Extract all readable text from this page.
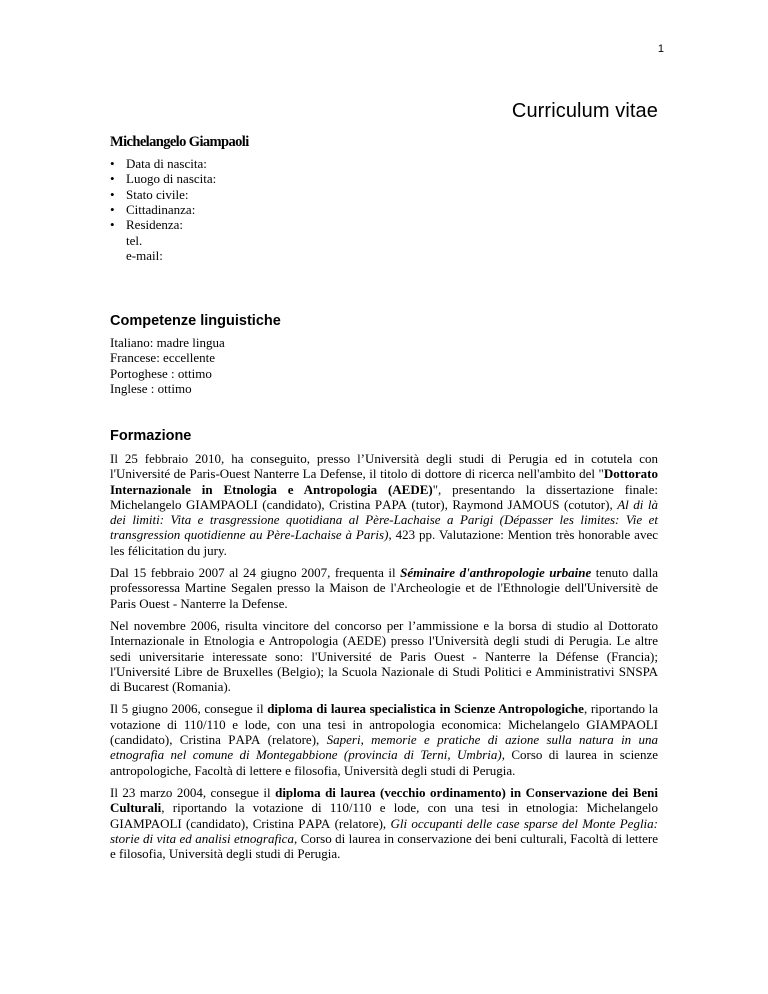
1
Curriculum vitae
Michelangelo Giampaoli
• Data di nascita:
• Luogo di nascita:
• Stato civile:
• Cittadinanza:
• Residenza:
tel.
e-mail:
Competenze linguistiche
Italiano: madre lingua
Francese: eccellente
Portoghese : ottimo
Inglese : ottimo
Formazione

Il 25 febbraio 2010, ha conseguito, presso l’Università degli studi di Perugia ed in cotutela con l'Université de Paris-Ouest Nanterre La Defense, il titolo di dottore di ricerca nell'ambito del "Dottorato Internazionale in Etnologia e Antropologia (AEDE)", presentando la dissertazione finale: Michelangelo GIAMPAOLI (candidato), Cristina PAPA (tutor), Raymond JAMOUS (cotutor), Al di là dei limiti: Vita e trasgressione quotidiana al Père-Lachaise a Parigi (Dépasser les limites: Vie et transgression quotidienne au Père-Lachaise à Paris), 423 pp. Valutazione: Mention très honorable avec les félicitation du jury.

Dal 15 febbraio 2007 al 24 giugno 2007, frequenta il Séminaire d'anthropologie urbaine tenuto dalla professoressa Martine Segalen presso la Maison de l'Archeologie et de l'Ethnologie dell'Universitè de Paris Ouest - Nanterre la Defense.

Nel novembre 2006, risulta vincitore del concorso per l’ammissione e la borsa di studio al Dottorato Internazionale in Etnologia e Antropologia (AEDE) presso l'Università degli studi di Perugia. Le altre sedi universitarie interessate sono: l'Université de Paris Ouest - Nanterre la Défense (Francia); l'Université Libre de Bruxelles (Belgio); la Scuola Nazionale di Studi Politici e Amministrativi SNSPA di Bucarest (Romania).

Il 5 giugno 2006, consegue il diploma di laurea specialistica in Scienze Antropologiche, riportando la votazione di 110/110 e lode, con una tesi in antropologia economica: Michelangelo GIAMPAOLI (candidato), Cristina PAPA (relatore), Saperi, memorie e pratiche di azione sulla natura in una etnografia nel comune di Montegabbione (provincia di Terni, Umbria), Corso di laurea in scienze antropologiche, Facoltà di lettere e filosofia, Università degli studi di Perugia.

Il 23 marzo 2004, consegue il diploma di laurea (vecchio ordinamento) in Conservazione dei Beni Culturali, riportando la votazione di 110/110 e lode, con una tesi in etnologia: Michelangelo GIAMPAOLI (candidato), Cristina PAPA (relatore), Gli occupanti delle case sparse del Monte Peglia: storie di vita ed analisi etnografica, Corso di laurea in conservazione dei beni culturali, Facoltà di lettere e filosofia, Università degli studi di Perugia.
